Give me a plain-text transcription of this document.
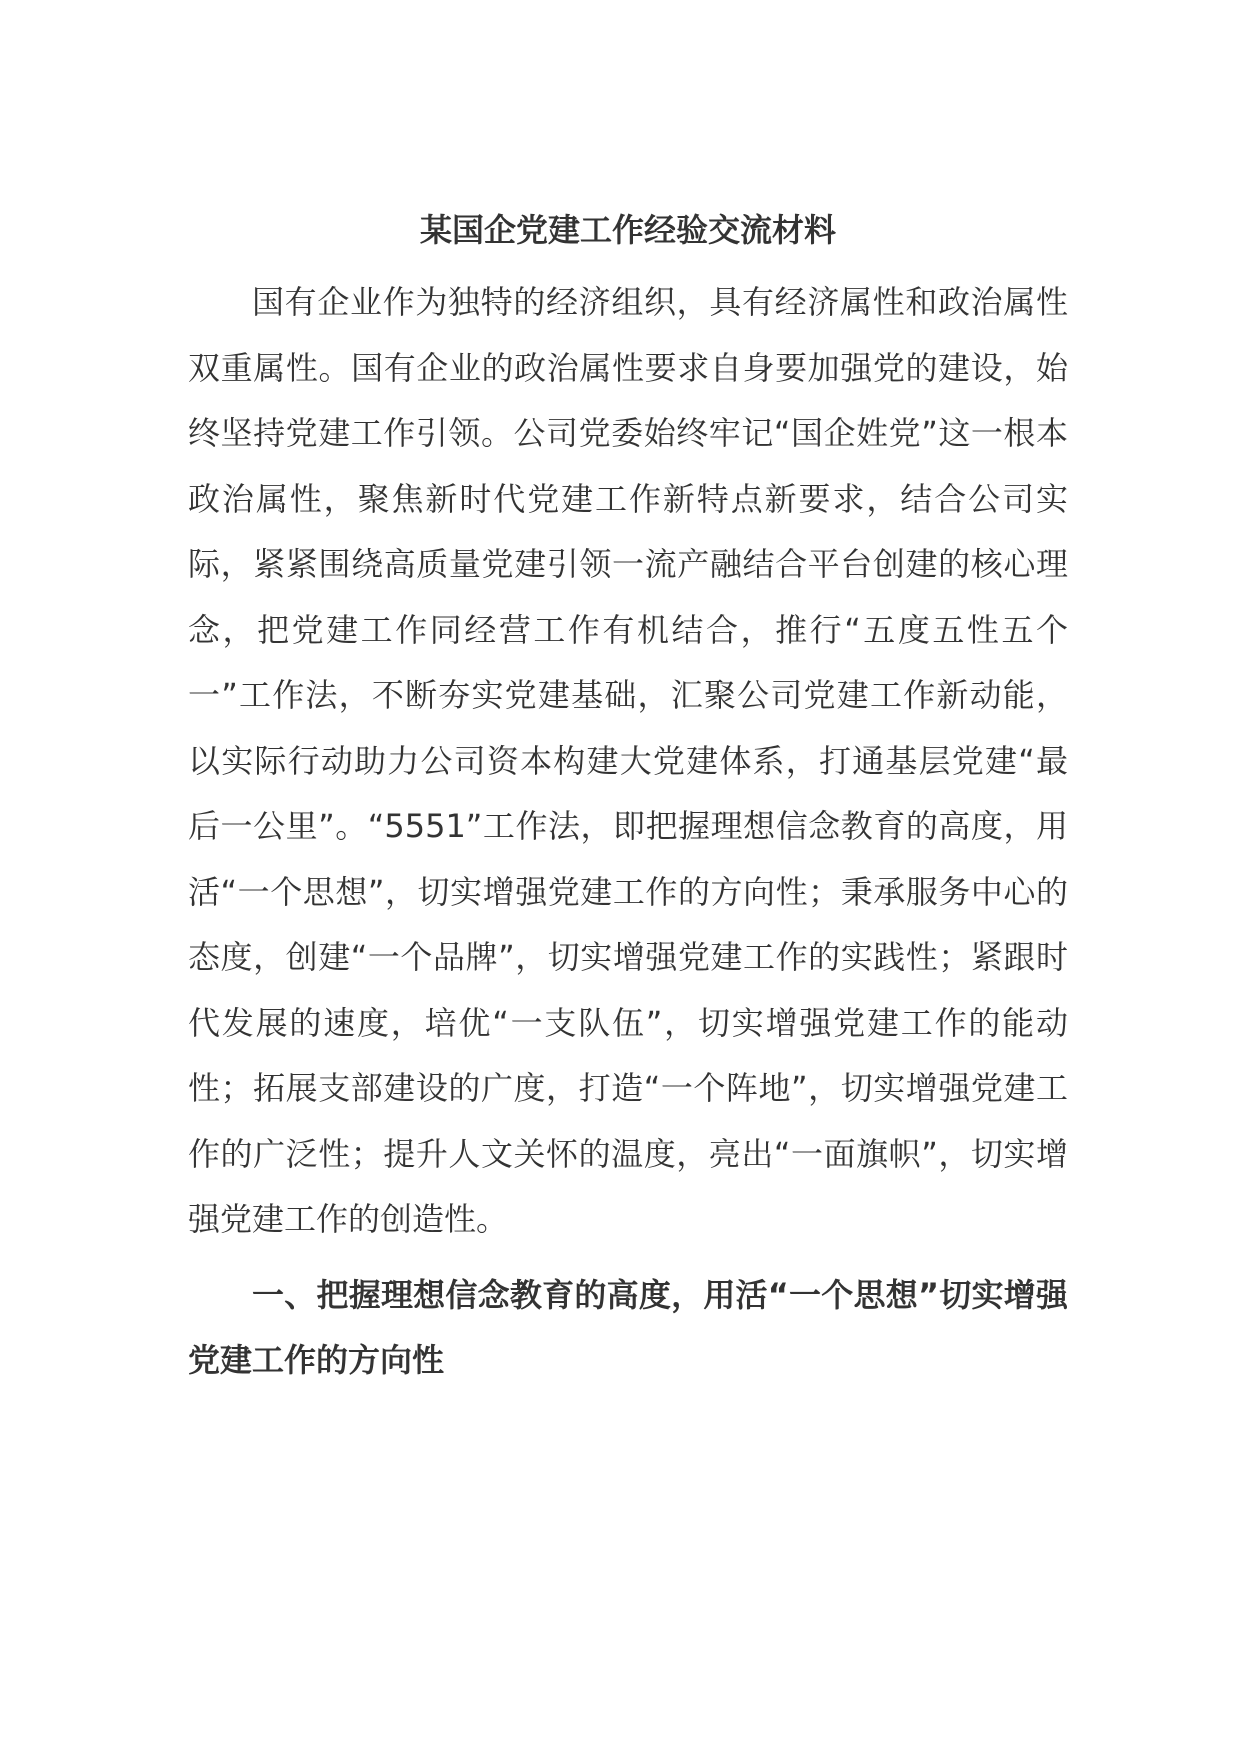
某国企党建工作经验交流材料

国有企业作为独特的经济组织，具有经济属性和政治属性双重属性。国有企业的政治属性要求自身要加强党的建设，始终坚持党建工作引领。公司党委始终牢记“国企姓党”这一根本政治属性，聚焦新时代党建工作新特点新要求，结合公司实际，紧紧围绕高质量党建引领一流产融结合平台创建的核心理念，把党建工作同经营工作有机结合，推行“五度五性五个一”工作法，不断夯实党建基础，汇聚公司党建工作新动能，以实际行动助力公司资本构建大党建体系，打通基层党建“最后一公里”。“5551”工作法，即把握理想信念教育的高度，用活“一个思想”，切实增强党建工作的方向性；秉承服务中心的态度，创建“一个品牌”，切实增强党建工作的实践性；紧跟时代发展的速度，培优“一支队伍”，切实增强党建工作的能动性；拓展支部建设的广度，打造“一个阵地”，切实增强党建工作的广泛性；提升人文关怀的温度，亮出“一面旗帜”，切实增强党建工作的创造性。

一、把握理想信念教育的高度，用活“一个思想”切实增强党建工作的方向性
